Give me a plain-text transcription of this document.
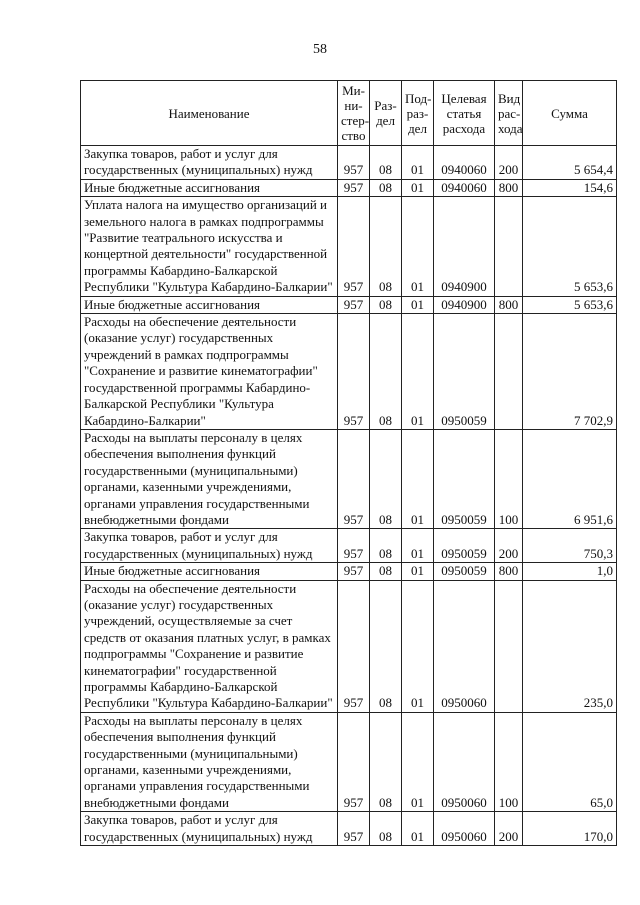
58
Наименование	Ми- ни- стер- ство	Раз- дел	Под- раз- дел	Целевая статья расхода	Вид рас- хода	Сумма
Закупка товаров, работ и услуг для государственных (муниципальных) нужд	957	08	01	0940060	200	5 654,4
Иные бюджетные ассигнования	957	08	01	0940060	800	154,6
Уплата налога на имущество организаций и земельного налога в рамках подпрограммы "Развитие театрального искусства и концертной деятельности" государственной программы Кабардино-Балкарской Республики "Культура Кабардино-Балкарии"	957	08	01	0940900		5 653,6
Иные бюджетные ассигнования	957	08	01	0940900	800	5 653,6
Расходы на обеспечение деятельности (оказание услуг) государственных учреждений в рамках подпрограммы "Сохранение и развитие кинематографии" государственной программы Кабардино-Балкарской Республики "Культура Кабардино-Балкарии"	957	08	01	0950059		7 702,9
Расходы на выплаты персоналу в целях обеспечения выполнения функций государственными (муниципальными) органами, казенными учреждениями, органами управления государственными внебюджетными фондами	957	08	01	0950059	100	6 951,6
Закупка товаров, работ и услуг для государственных (муниципальных) нужд	957	08	01	0950059	200	750,3
Иные бюджетные ассигнования	957	08	01	0950059	800	1,0
Расходы на обеспечение деятельности (оказание услуг) государственных учреждений, осуществляемые за счет средств от оказания платных услуг, в рамках подпрограммы "Сохранение и развитие кинематографии" государственной программы Кабардино-Балкарской Республики "Культура Кабардино-Балкарии"	957	08	01	0950060		235,0
Расходы на выплаты персоналу в целях обеспечения выполнения функций государственными (муниципальными) органами, казенными учреждениями, органами управления государственными внебюджетными фондами	957	08	01	0950060	100	65,0
Закупка товаров, работ и услуг для государственных (муниципальных) нужд	957	08	01	0950060	200	170,0
